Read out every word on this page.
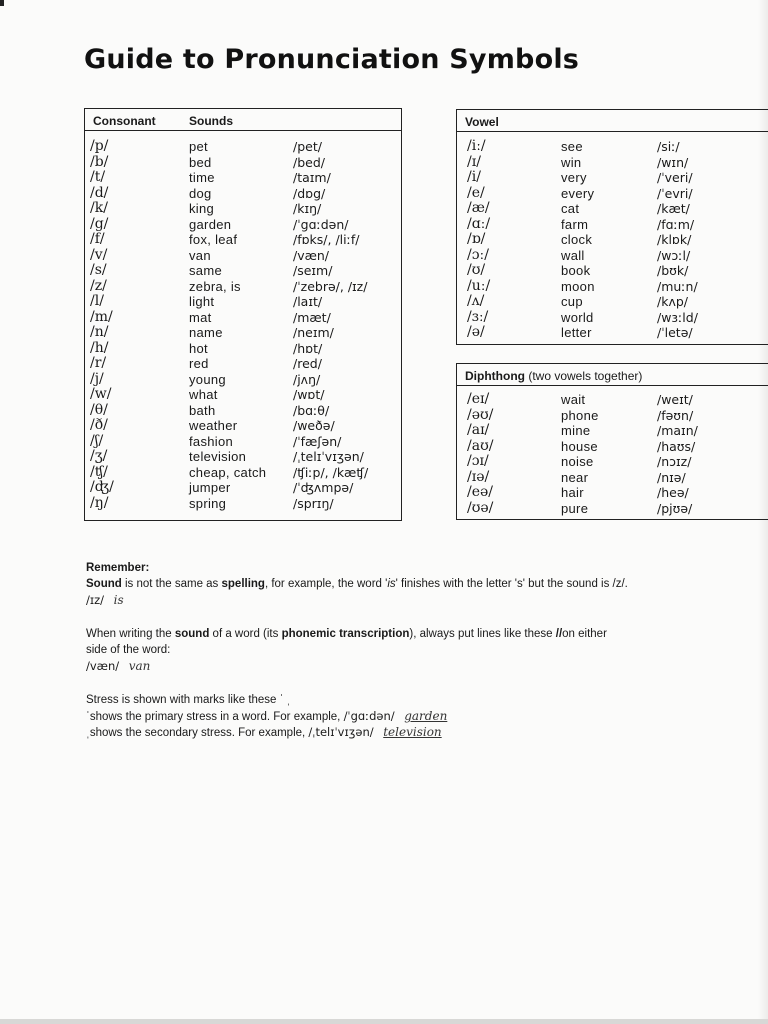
Guide to Pronunciation Symbols
Consonant	Sounds
/p/	pet	/pet/
/b/	bed	/bed/
/t/	time	/taɪm/
/d/	dog	/dɒg/
/k/	king	/kɪŋ/
/g/	garden	/ˈgɑːdən/
/f/	fox, leaf	/fɒks/, /liːf/
/v/	van	/væn/
/s/	same	/seɪm/
/z/	zebra, is	/ˈzebrə/, /ɪz/
/l/	light	/laɪt/
/m/	mat	/mæt/
/n/	name	/neɪm/
/h/	hot	/hɒt/
/r/	red	/red/
/j/	young	/jʌŋ/
/w/	what	/wɒt/
/θ/	bath	/bɑːθ/
/ð/	weather	/weðə/
/ʃ/	fashion	/ˈfæʃən/
/ʒ/	television	/ˌtelɪˈvɪʒən/
/ʧ/	cheap, catch /ʧiːp/, /kæʧ/
/ʤ/	jumper	/ˈʤʌmpə/
/ŋ/	spring	/sprɪŋ/
Vowel
/iː/	see	/siː/
/ɪ/	win	/wɪn/
/i/	very	/ˈveri/
/e/	every	/ˈevri/
/æ/	cat	/kæt/
/ɑː/	farm	/fɑːm/
/ɒ/	clock	/klɒk/
/ɔː/	wall	/wɔːl/
/ʊ/	book	/bʊk/
/uː/	moon	/muːn/
/ʌ/	cup	/kʌp/
/ɜː/	world	/wɜːld/
/ə/	letter	/ˈletə/
Diphthong (two vowels together)
/eɪ/	wait	/weɪt/
/əʊ/	phone	/fəʊn/
/aɪ/	mine	/maɪn/
/aʊ/	house	/haʊs/
/ɔɪ/	noise	/nɔɪz/
/ɪə/	near	/nɪə/
/eə/	hair	/heə/
/ʊə/	pure	/pjʊə/
Remember:
Sound is not the same as spelling, for example, the word 'is' finishes with the letter 's' but the sound is /z/.
/ɪz/ is
When writing the sound of a word (its phonemic transcription), always put lines like these //on either
side of the word:
/væn/ van
Stress is shown with marks like these ˈ ˌ
ˈshows the primary stress in a word. For example, /ˈgɑːdən/ garden
ˌshows the secondary stress. For example, /ˌtelɪˈvɪʒən/ television
